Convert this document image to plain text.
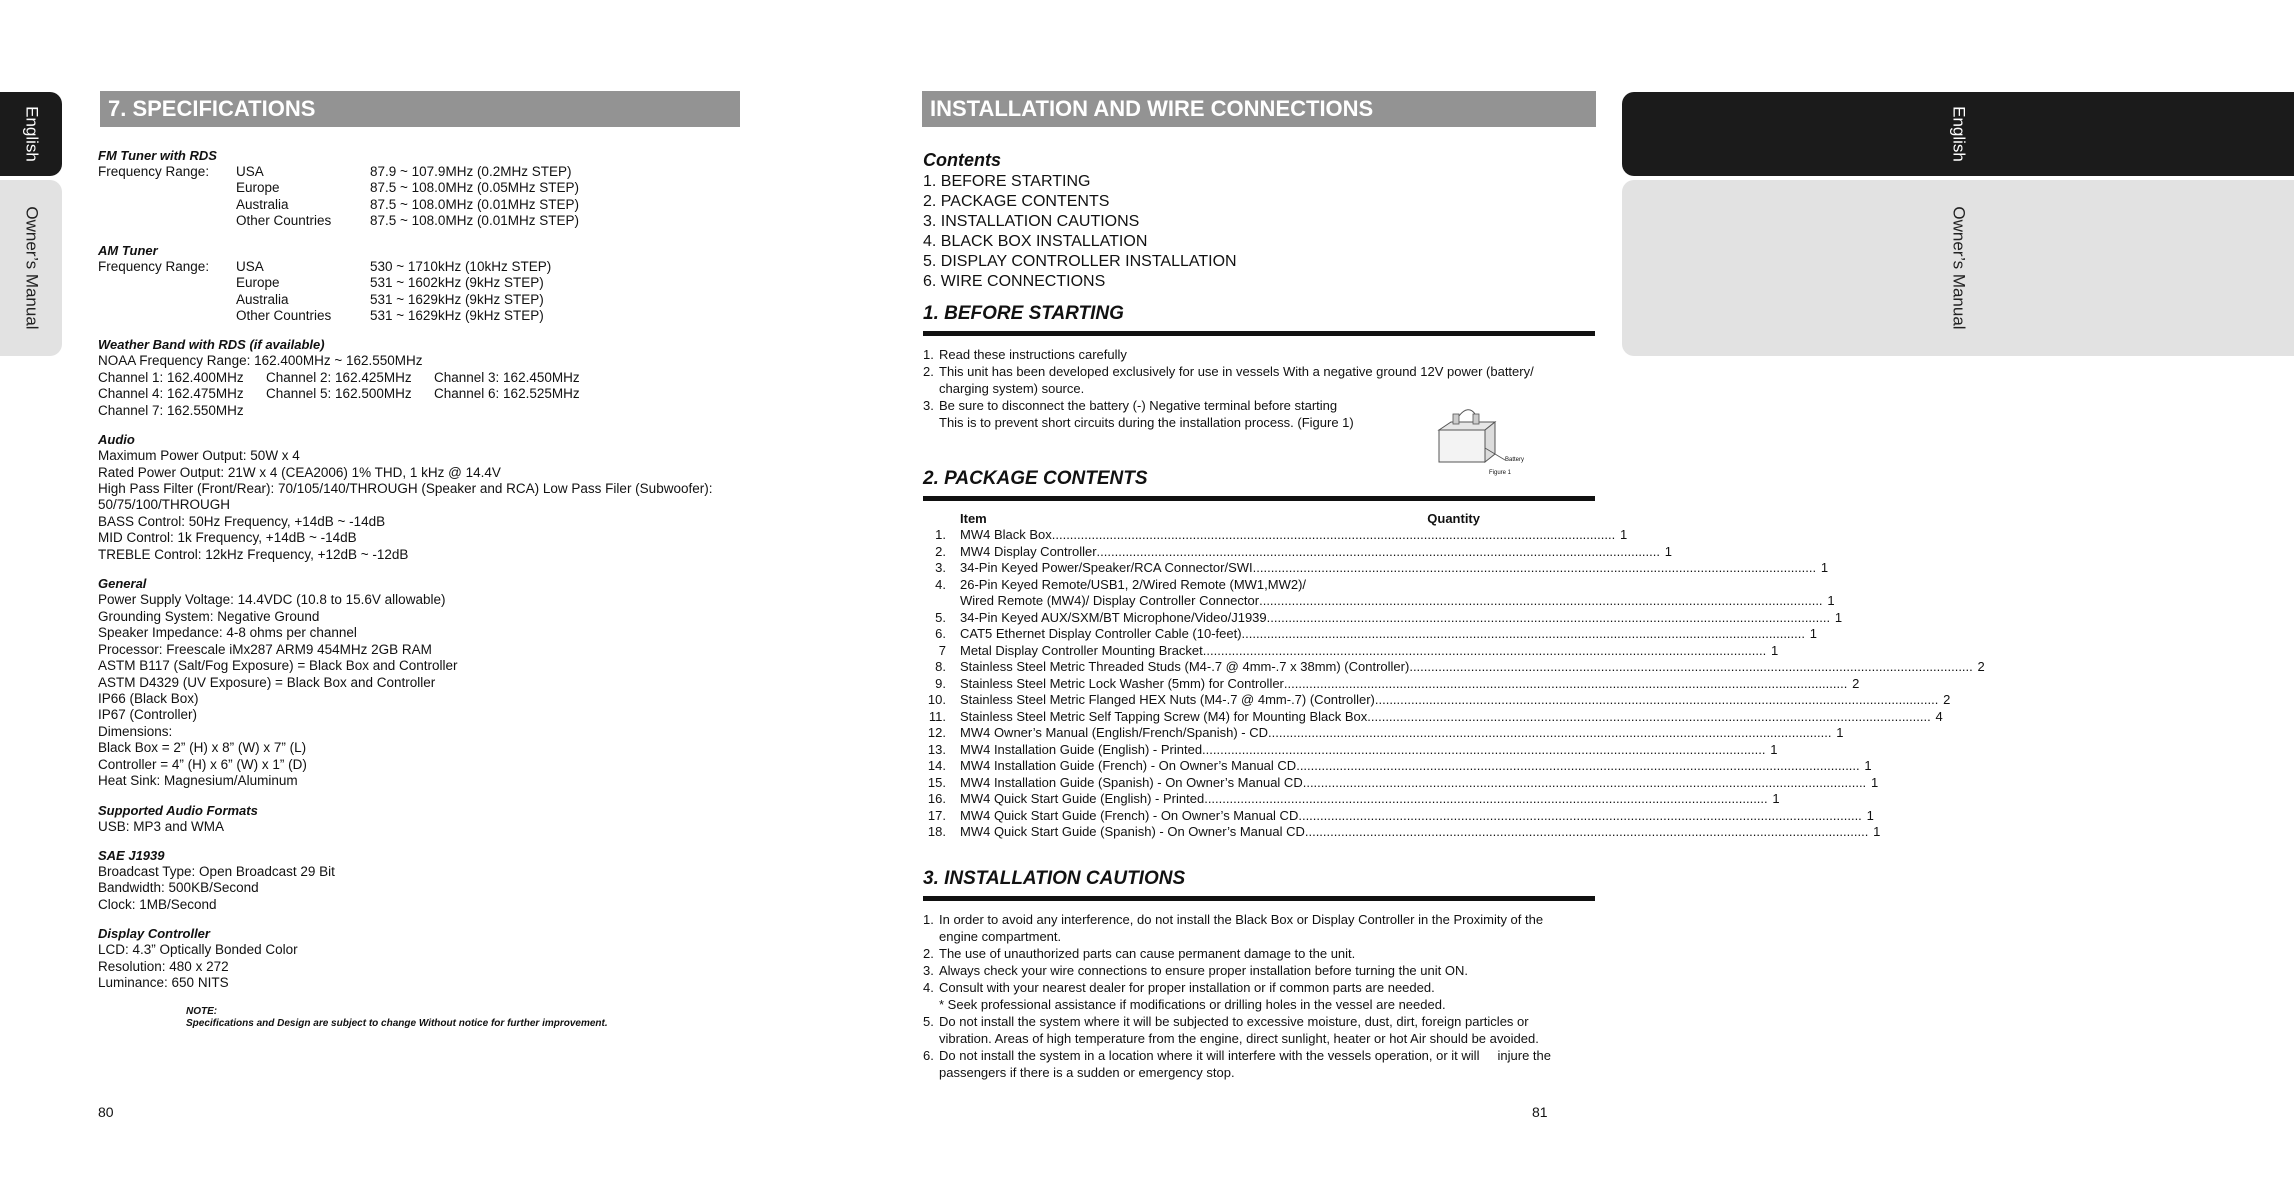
English
Owner’s Manual
English
Owner’s Manual
7. SPECIFICATIONS	INSTALLATION AND WIRE CONNECTIONS
FM Tuner with RDS
Frequency Range:	USA	87.9 ~ 107.9MHz (0.2MHz STEP)
Europe	87.5 ~ 108.0MHz (0.05MHz STEP)
Australia	87.5 ~ 108.0MHz (0.01MHz STEP)
Other Countries	87.5 ~ 108.0MHz (0.01MHz STEP)
AM Tuner
Frequency Range:	USA	530 ~ 1710kHz (10kHz STEP)
Europe	531 ~ 1602kHz (9kHz STEP)
Australia	531 ~ 1629kHz (9kHz STEP)
Other Countries	531 ~ 1629kHz (9kHz STEP)
Weather Band with RDS (if available)
NOAA Frequency Range: 162.400MHz ~ 162.550MHz
Channel 1: 162.400MHz	Channel 2: 162.425MHz	Channel 3: 162.450MHz
Channel 4: 162.475MHz	Channel 5: 162.500MHz	Channel 6: 162.525MHz
Channel 7: 162.550MHz
Audio
Maximum Power Output: 50W x 4
Rated Power Output: 21W x 4 (CEA2006) 1% THD, 1 kHz @ 14.4V
High Pass Filter (Front/Rear): 70/105/140/THROUGH (Speaker and RCA) Low Pass Filer (Subwoofer):
50/75/100/THROUGH
BASS Control: 50Hz Frequency, +14dB ~ -14dB
MID Control: 1k Frequency, +14dB ~ -14dB
TREBLE Control: 12kHz Frequency, +12dB ~ -12dB
General
Power Supply Voltage: 14.4VDC (10.8 to 15.6V allowable)
Grounding System: Negative Ground
Speaker Impedance: 4-8 ohms per channel
Processor: Freescale iMx287 ARM9 454MHz 2GB RAM
ASTM B117 (Salt/Fog Exposure) = Black Box and Controller
ASTM D4329 (UV Exposure) = Black Box and Controller
IP66 (Black Box)
IP67 (Controller)
Dimensions:
Black Box = 2” (H) x 8” (W) x 7” (L)
Controller = 4” (H) x 6” (W) x 1” (D)
Heat Sink: Magnesium/Aluminum
Supported Audio Formats
USB: MP3 and WMA
SAE J1939
Broadcast Type: Open Broadcast 29 Bit
Bandwidth: 500KB/Second
Clock: 1MB/Second
Display Controller
LCD: 4.3” Optically Bonded Color
Resolution: 480 x 272
Luminance: 650 NITS
NOTE:
Specifications and Design are subject to change Without notice for further improvement.
80
Contents
1. BEFORE STARTING
2. PACKAGE CONTENTS
3. INSTALLATION CAUTIONS
4. BLACK BOX INSTALLATION
5. DISPLAY CONTROLLER INSTALLATION
6. WIRE CONNECTIONS
1. BEFORE STARTING
1. Read these instructions carefully
2. This unit has been developed exclusively for use in vessels With a negative ground 12V power (battery/
charging system) source.
3. Be sure to disconnect the battery (-) Negative terminal before starting
This is to prevent short circuits during the installation process. (Figure 1)
2. PACKAGE CONTENTS
Item	Quantity
1.	MW4 Black Box .....	1
2.	MW4 Display Controller .....	1
3.	34-Pin Keyed Power/Speaker/RCA Connector/SWI .....	1
4.	26-Pin Keyed Remote/USB1, 2/Wired Remote (MW1,MW2)/
Wired Remote (MW4)/ Display Controller Connector .....	1
5.	34-Pin Keyed AUX/SXM/BT Microphone/Video/J1939 .....	1
6.	CAT5 Ethernet Display Controller Cable (10-feet) .....	1
7	Metal Display Controller Mounting Bracket .....	1
8.	Stainless Steel Metric Threaded Studs (M4-.7 @ 4mm-.7 x 38mm) (Controller) .....	2
9.	Stainless Steel Metric Lock Washer (5mm) for Controller .....	2
10.	Stainless Steel Metric Flanged HEX Nuts (M4-.7 @ 4mm-.7) (Controller) .....	2
11.	Stainless Steel Metric Self Tapping Screw (M4) for Mounting Black Box .....	4
12.	MW4 Owner’s Manual (English/French/Spanish) - CD .....	1
13.	MW4 Installation Guide (English) - Printed .....	1
14.	MW4 Installation Guide (French) - On Owner’s Manual CD .....	1
15.	MW4 Installation Guide (Spanish) - On Owner’s Manual CD .....	1
16.	MW4 Quick Start Guide (English) - Printed .....	1
17.	MW4 Quick Start Guide (French) - On Owner’s Manual CD .....	1
18.	MW4 Quick Start Guide (Spanish) - On Owner’s Manual CD .....	1
3. INSTALLATION CAUTIONS
1. In order to avoid any interference, do not install the Black Box or Display Controller in the Proximity of the
engine compartment.
2. The use of unauthorized parts can cause permanent damage to the unit.
3. Always check your wire connections to ensure proper installation before turning the unit ON.
4. Consult with your nearest dealer for proper installation or if common parts are needed.
* Seek professional assistance if modifications or drilling holes in the vessel are needed.
5. Do not install the system where it will be subjected to excessive moisture, dust, dirt, foreign particles or
vibration. Areas of high temperature from the engine, direct sunlight, heater or hot Air should be avoided.
6. Do not install the system in a location where it will interfere with the vessels operation, or it will     injure the
passengers if there is a sudden or emergency stop.
Battery
Figure 1
81
